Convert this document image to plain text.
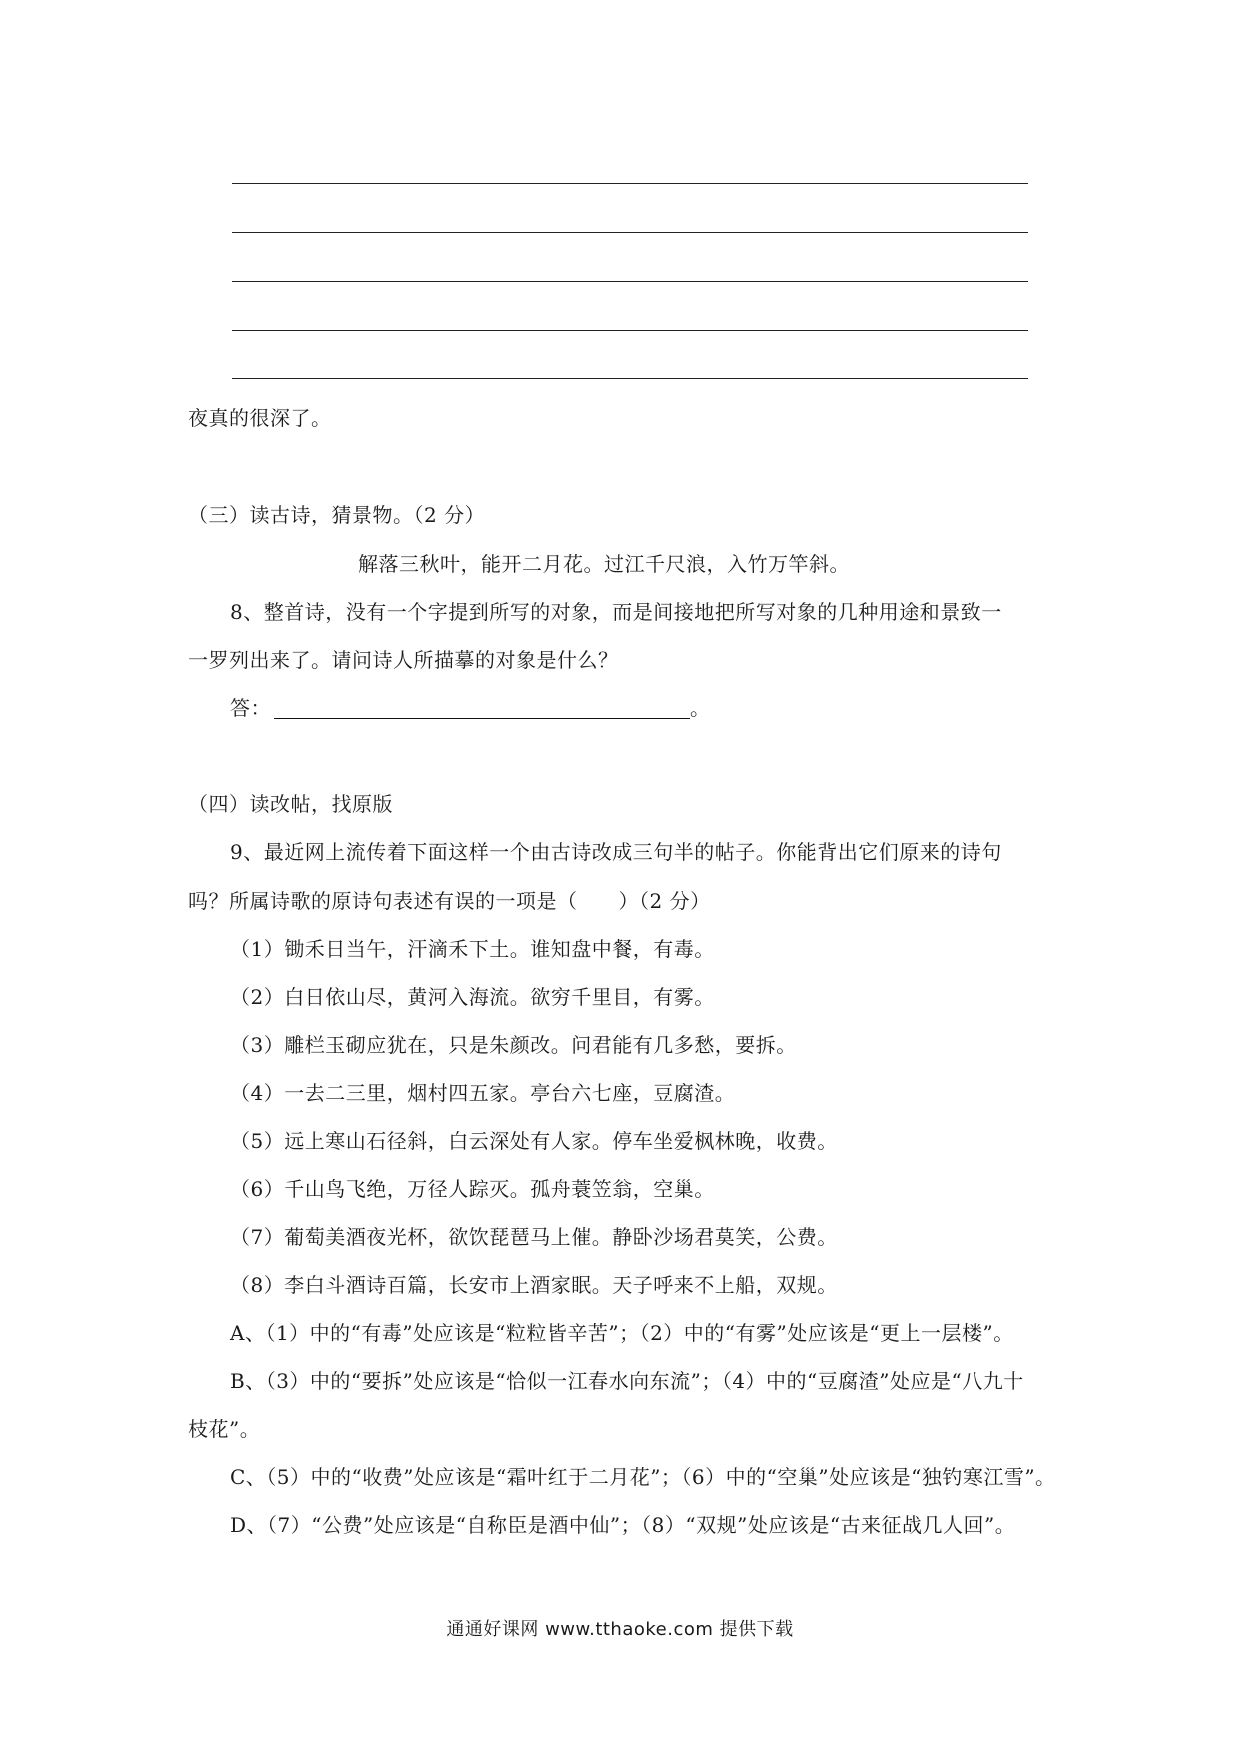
夜真的很深了。
（三）读古诗，猜景物。（2 分）
解落三秋叶，能开二月花。过江千尺浪，入竹万竿斜。
8、整首诗，没有一个字提到所写的对象，而是间接地把所写对象的几种用途和景致一
一罗列出来了。请问诗人所描摹的对象是什么？
答：	。
（四）读改帖，找原版
9、最近网上流传着下面这样一个由古诗改成三句半的帖子。你能背出它们原来的诗句
吗？所属诗歌的原诗句表述有误的一项是（　　）（2 分）
（1）锄禾日当午，汗滴禾下土。谁知盘中餐，有毒。
（2）白日依山尽，黄河入海流。欲穷千里目，有雾。
（3）雕栏玉砌应犹在，只是朱颜改。问君能有几多愁，要拆。
（4）一去二三里，烟村四五家。亭台六七座，豆腐渣。
（5）远上寒山石径斜，白云深处有人家。停车坐爱枫林晚，收费。
（6）千山鸟飞绝，万径人踪灭。孤舟蓑笠翁，空巢。
（7）葡萄美酒夜光杯，欲饮琵琶马上催。静卧沙场君莫笑，公费。
（8）李白斗酒诗百篇，长安市上酒家眠。天子呼来不上船，双规。
A、（1）中的“有毒”处应该是“粒粒皆辛苦”；（2）中的“有雾”处应该是“更上一层楼”。
B、（3）中的“要拆”处应该是“恰似一江春水向东流”；（4）中的“豆腐渣”处应是“八九十
枝花”。
C、（5）中的“收费”处应该是“霜叶红于二月花”；（6）中的“空巢”处应该是“独钓寒江雪”。
D、（7）“公费”处应该是“自称臣是酒中仙”；（8）“双规”处应该是“古来征战几人回”。
通通好课网 www.tthaoke.com 提供下载
